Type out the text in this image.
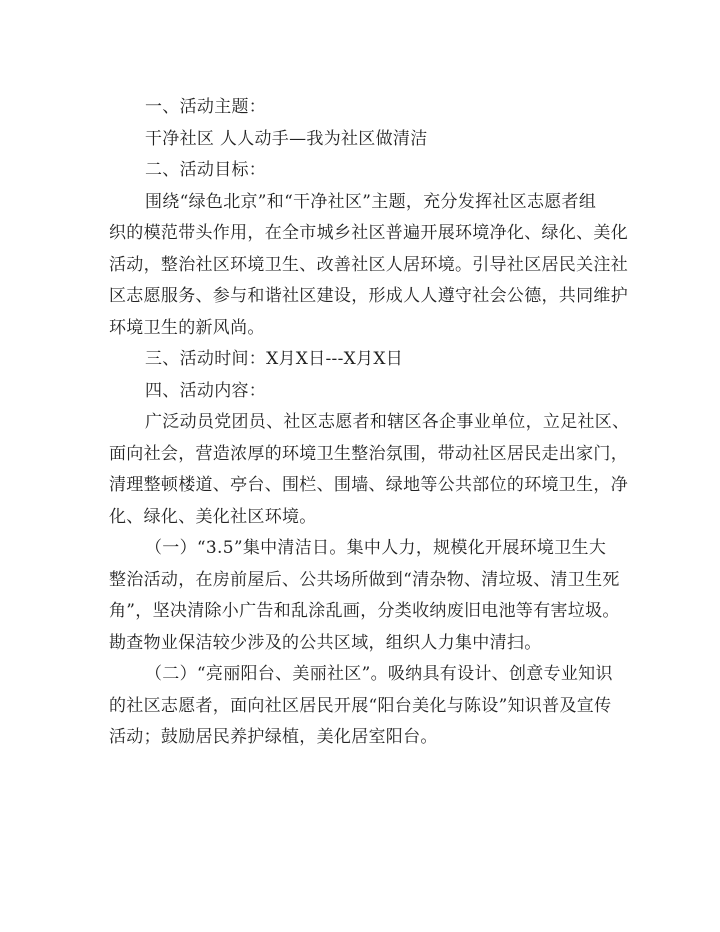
一、活动主题：
干净社区 人人动手—我为社区做清洁
二、活动目标：
围绕“绿色北京”和“干净社区”主题，充分发挥社区志愿者组
织的模范带头作用，在全市城乡社区普遍开展环境净化、绿化、美化
活动，整治社区环境卫生、改善社区人居环境。引导社区居民关注社
区志愿服务、参与和谐社区建设，形成人人遵守社会公德，共同维护
环境卫生的新风尚。
三、活动时间：X月X日---X月X日
四、活动内容：
广泛动员党团员、社区志愿者和辖区各企事业单位，立足社区、
面向社会，营造浓厚的环境卫生整治氛围，带动社区居民走出家门，
清理整顿楼道、亭台、围栏、围墙、绿地等公共部位的环境卫生，净
化、绿化、美化社区环境。
（一）“3.5”集中清洁日。集中人力，规模化开展环境卫生大
整治活动，在房前屋后、公共场所做到“清杂物、清垃圾、清卫生死
角”，坚决清除小广告和乱涂乱画，分类收纳废旧电池等有害垃圾。
勘查物业保洁较少涉及的公共区域，组织人力集中清扫。
（二）“亮丽阳台、美丽社区”。吸纳具有设计、创意专业知识
的社区志愿者，面向社区居民开展“阳台美化与陈设”知识普及宣传
活动；鼓励居民养护绿植，美化居室阳台。
